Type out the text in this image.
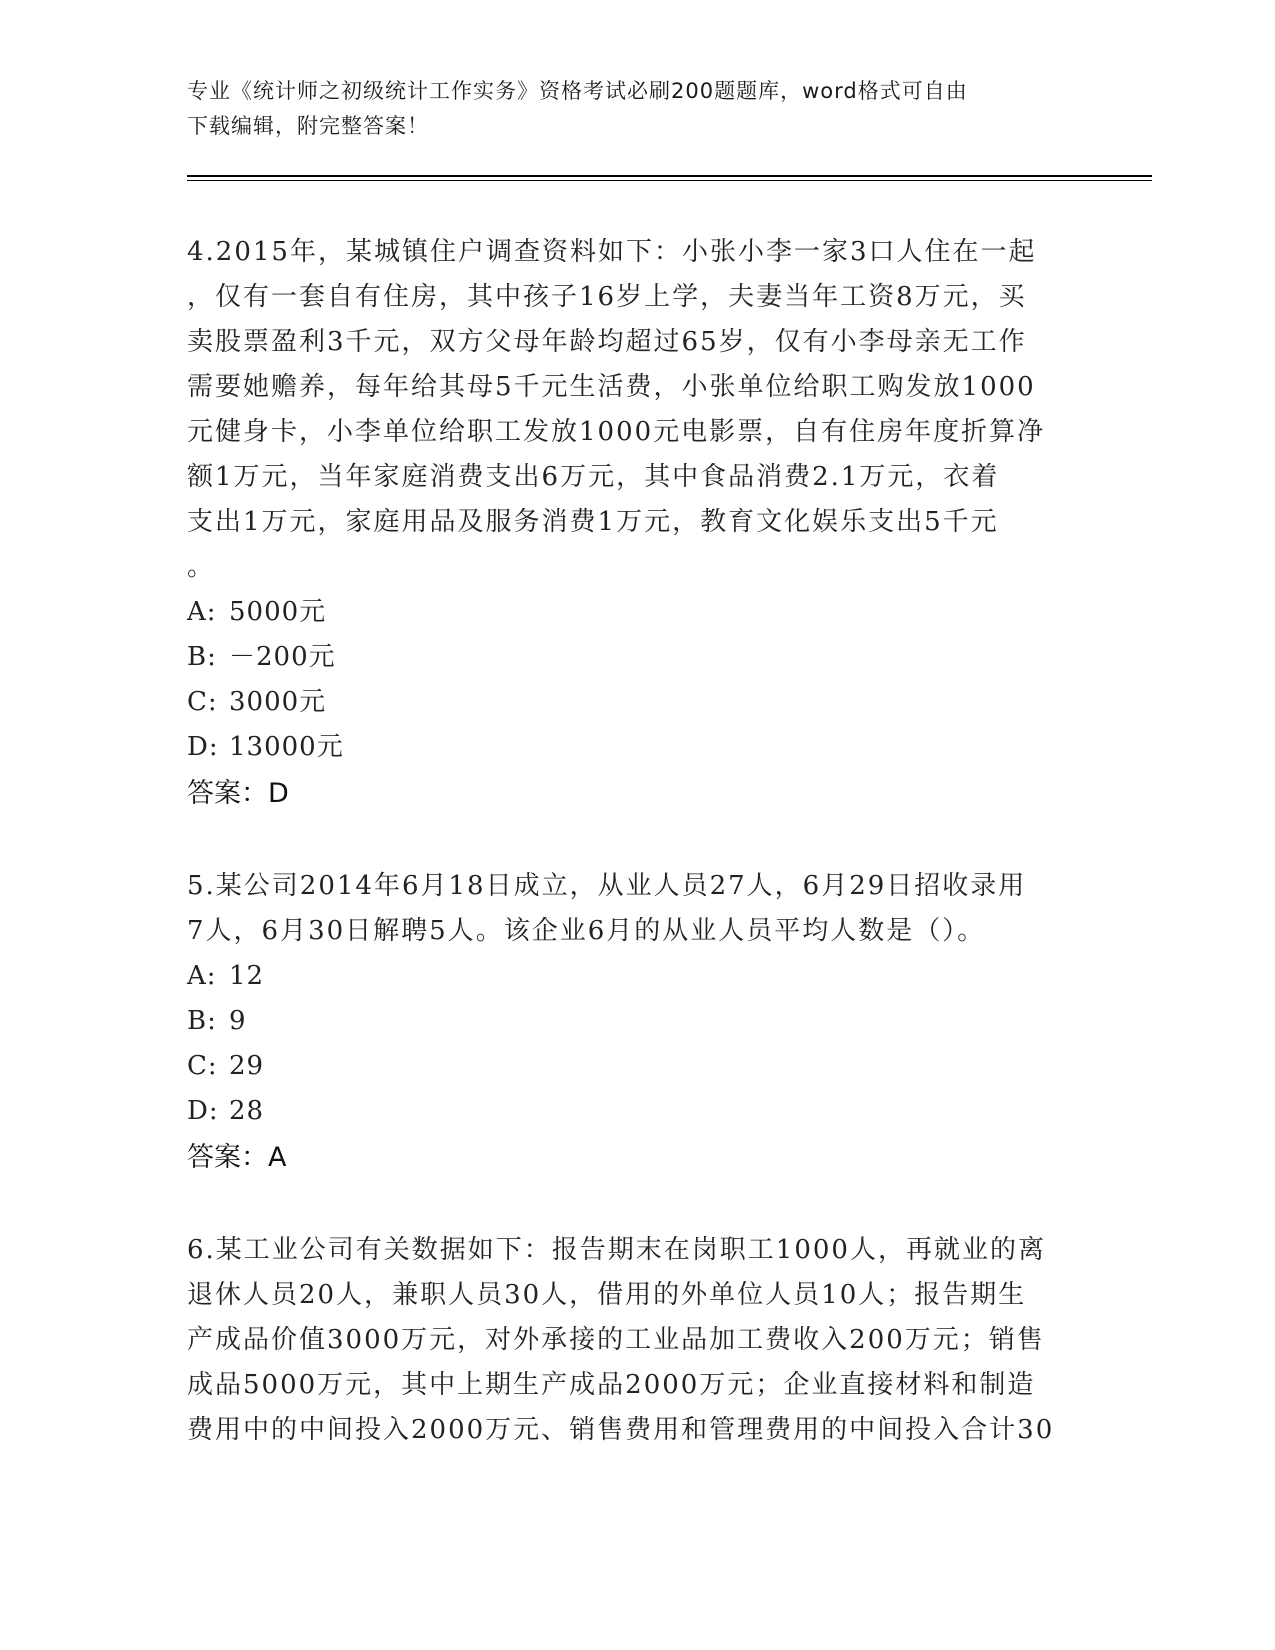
专业《统计师之初级统计工作实务》资格考试必刷200题题库，word格式可自由
下载编辑，附完整答案！

4.2015年，某城镇住户调查资料如下：小张小李一家3口人住在一起

，仅有一套自有住房，其中孩子16岁上学，夫妻当年工资8万元，买

卖股票盈利3千元，双方父母年龄均超过65岁，仅有小李母亲无工作

需要她赡养，每年给其母5千元生活费，小张单位给职工购发放1000

元健身卡，小李单位给职工发放1000元电影票，自有住房年度折算净

额1万元，当年家庭消费支出6万元，其中食品消费2.1万元，衣着

支出1万元，家庭用品及服务消费1万元，教育文化娱乐支出5千元

。

A: 5000元

B: －200元

C: 3000元

D: 13000元

答案：D

5.某公司2014年6月18日成立，从业人员27人，6月29日招收录用

7人，6月30日解聘5人。该企业6月的从业人员平均人数是（）。

A: 12

B: 9

C: 29

D: 28

答案：A

6.某工业公司有关数据如下：报告期末在岗职工1000人，再就业的离

退休人员20人，兼职人员30人，借用的外单位人员10人；报告期生

产成品价值3000万元，对外承接的工业品加工费收入200万元；销售

成品5000万元，其中上期生产成品2000万元；企业直接材料和制造

费用中的中间投入2000万元、销售费用和管理费用的中间投入合计30
